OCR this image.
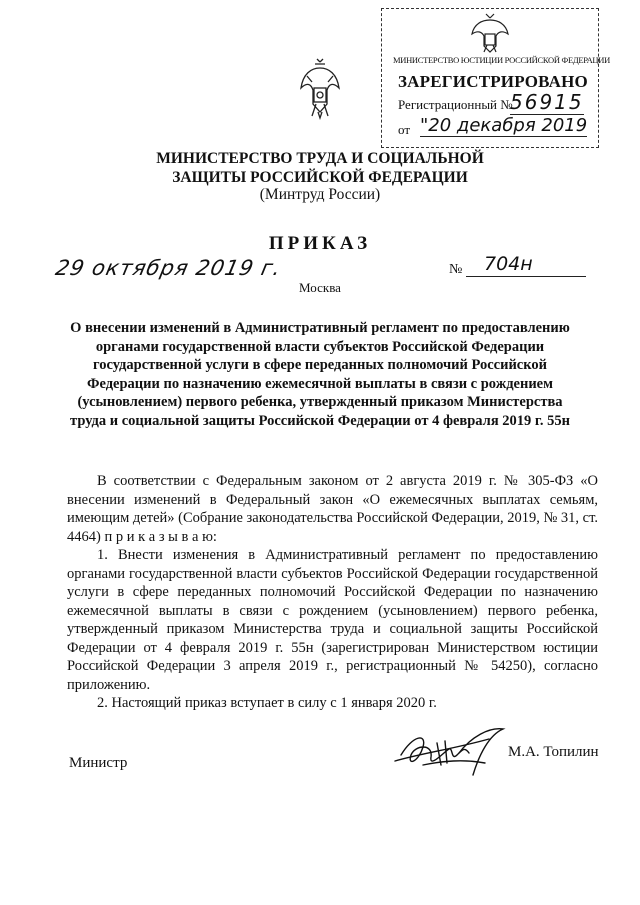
МИНИСТЕРСТВО ЮСТИЦИИ РОССИЙСКОЙ ФЕДЕРАЦИИ
ЗАРЕГИСТРИРОВАНО
Регистрационный №
56915
от "20 декабря 2019
МИНИСТЕРСТВО ТРУДА И СОЦИАЛЬНОЙ ЗАЩИТЫ РОССИЙСКОЙ ФЕДЕРАЦИИ
(Минтруд России)
ПРИКАЗ
29 октября 2019 г.	№ 704н
Москва
О внесении изменений в Административный регламент по предоставлению органами государственной власти субъектов Российской Федерации государственной услуги в сфере переданных полномочий Российской Федерации по назначению ежемесячной выплаты в связи с рождением (усыновлением) первого ребенка, утвержденный приказом Министерства труда и социальной защиты Российской Федерации от 4 февраля 2019 г. 55н

В соответствии с Федеральным законом от 2 августа 2019 г. № 305-ФЗ «О внесении изменений в Федеральный закон «О ежемесячных выплатах семьям, имеющим детей» (Собрание законодательства Российской Федерации, 2019, № 31, ст. 4464) п р и к а з ы в а ю:

1. Внести изменения в Административный регламент по предоставлению органами государственной власти субъектов Российской Федерации государственной услуги в сфере переданных полномочий Российской Федерации по назначению ежемесячной выплаты в связи с рождением (усыновлением) первого ребенка, утвержденный приказом Министерства труда и социальной защиты Российской Федерации от 4 февраля 2019 г. 55н (зарегистрирован Министерством юстиции Российской Федерации 3 апреля 2019 г., регистрационный № 54250), согласно приложению.

2. Настоящий приказ вступает в силу с 1 января 2020 г.

Министр
М.А. Топилин
